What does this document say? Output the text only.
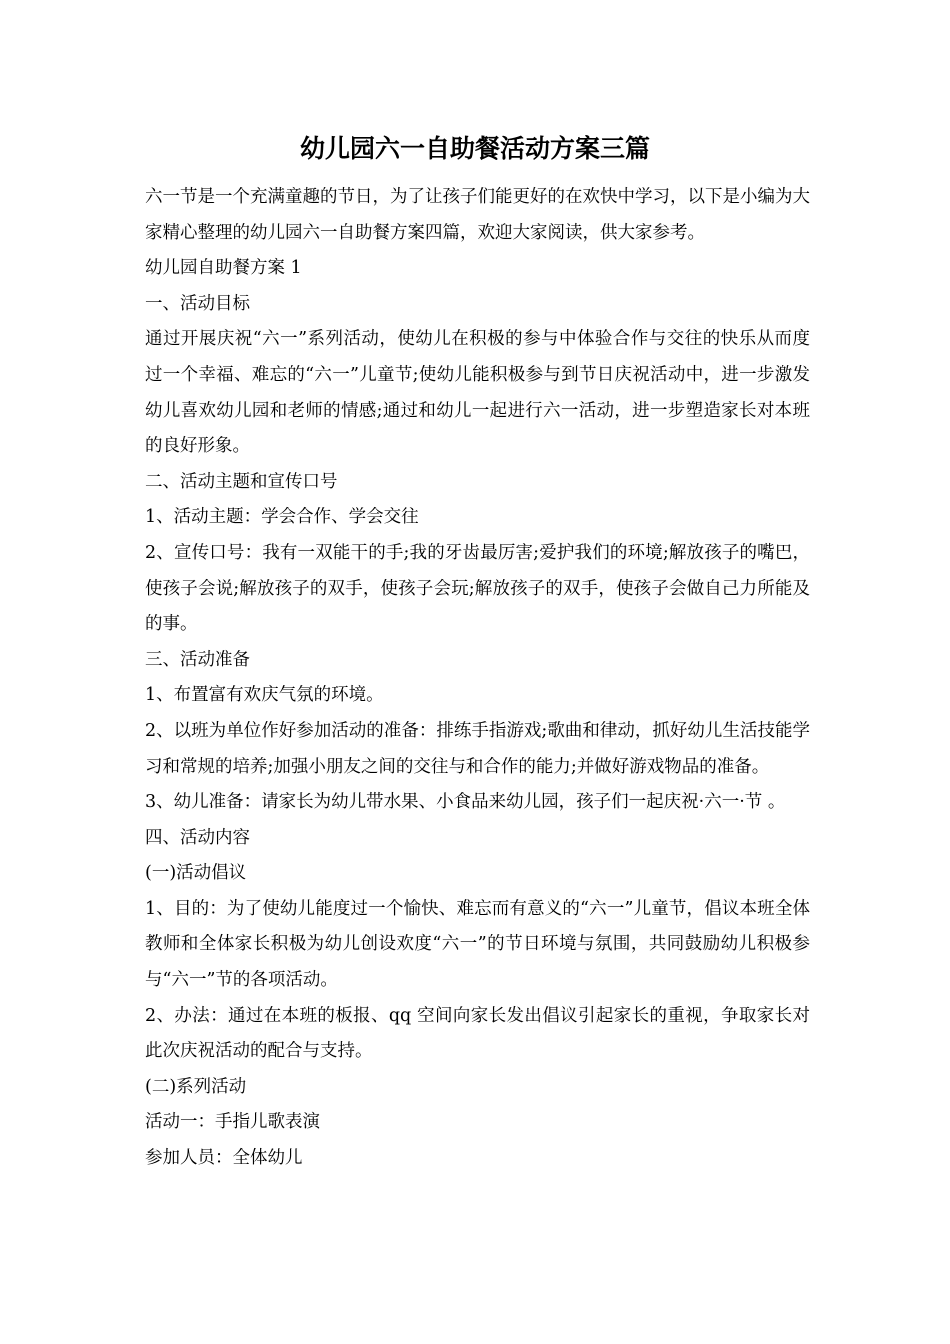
幼儿园六一自助餐活动方案三篇

六一节是一个充满童趣的节日，为了让孩子们能更好的在欢快中学习，以下是小编为大家精心整理的幼儿园六一自助餐方案四篇，欢迎大家阅读，供大家参考。

幼儿园自助餐方案 1

一、活动目标

通过开展庆祝“六一”系列活动，使幼儿在积极的参与中体验合作与交往的快乐从而度过一个幸福、难忘的“六一”儿童节;使幼儿能积极参与到节日庆祝活动中，进一步激发幼儿喜欢幼儿园和老师的情感;通过和幼儿一起进行六一活动，进一步塑造家长对本班的良好形象。

二、活动主题和宣传口号

1、活动主题：学会合作、学会交往

2、宣传口号：我有一双能干的手;我的牙齿最厉害;爱护我们的环境;解放孩子的嘴巴，使孩子会说;解放孩子的双手，使孩子会玩;解放孩子的双手，使孩子会做自己力所能及的事。

三、活动准备

1、布置富有欢庆气氛的环境。

2、以班为单位作好参加活动的准备：排练手指游戏;歌曲和律动，抓好幼儿生活技能学习和常规的培养;加强小朋友之间的交往与和合作的能力;并做好游戏物品的准备。

3、幼儿准备：请家长为幼儿带水果、小食品来幼儿园，孩子们一起庆祝·六一·节 。

四、活动内容

(一)活动倡议

1、目的：为了使幼儿能度过一个愉快、难忘而有意义的“六一”儿童节，倡议本班全体教师和全体家长积极为幼儿创设欢度“六一”的节日环境与氛围，共同鼓励幼儿积极参与“六一”节的各项活动。

2、办法：通过在本班的板报、qq 空间向家长发出倡议引起家长的重视，争取家长对此次庆祝活动的配合与支持。

(二)系列活动

活动一：手指儿歌表演

参加人员：全体幼儿
